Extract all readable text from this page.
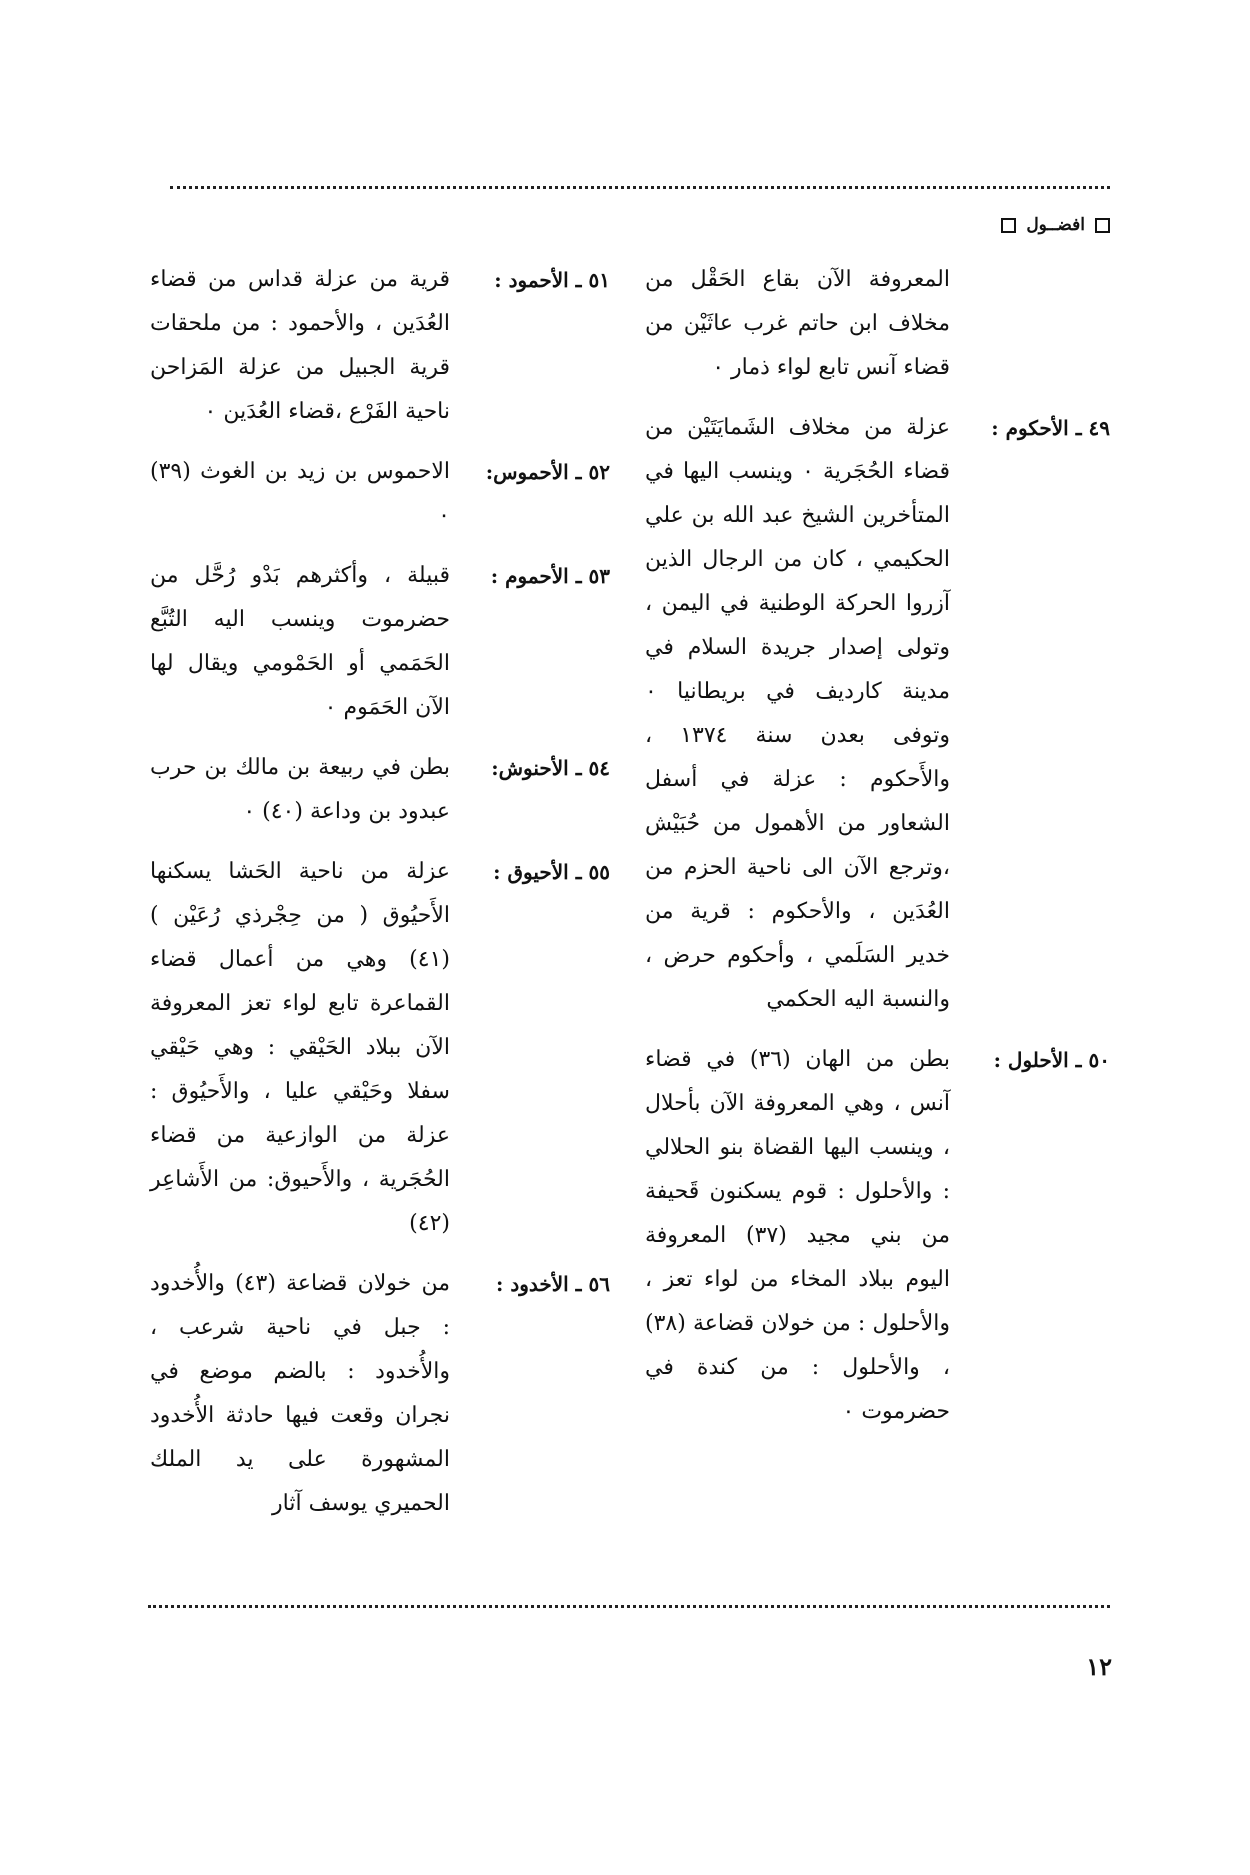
افضــول
المعروفة الآن بقاع الحَقْل من مخلاف ابن حاتم غرب عاثَيْن من قضاء آنس تابع لواء ذمار ٠
٤٩ ـ الأحكوم :
عزلة من مخلاف الشَمايَتَيْن من قضاء الحُجَرية ٠ وينسب اليها في المتأخرين الشيخ عبد الله بن علي الحكيمي ، كان من الرجال الذين آزروا الحركة الوطنية في اليمن ، وتولى إصدار جريدة السلام في مدينة كارديف في بريطانيا ٠ وتوفى بعدن سنة ١٣٧٤ ، والأَحكوم : عزلة في أسفل الشعاور من الأهمول من حُبَيْش ،وترجع الآن الى ناحية الحزم من العُدَين ، والأحكوم : قرية من خدير السَلَمي ، وأحكوم حرض ، والنسبة اليه الحكمي
٥٠ ـ الأحلول :
بطن من الهان (٣٦) في قضاء آنس ، وهي المعروفة الآن بأحلال ، وينسب اليها القضاة بنو الحلالي : والأحلول : قوم يسكنون قَحيفة من بني مجيد (٣٧) المعروفة اليوم ببلاد المخاء من لواء تعز ، والأحلول : من خولان قضاعة (٣٨) ، والأحلول : من كندة في حضرموت ٠
٥١ ـ الأحمود :
قرية من عزلة قداس من قضاء العُدَين ، والأحمود : من ملحقات قرية الجبيل من عزلة المَزاحن ناحية الفَرْع ،قضاء العُدَين ٠
٥٢ ـ الأحموس:
الاحموس بن زيد بن الغوث (٣٩) ٠
٥٣ ـ الأحموم :
قبيلة ، وأكثرهم بَدْو رُحَّل من حضرموت وينسب اليه التُبَّع الحَمَمي أو الحَمْومي ويقال لها الآن الحَمَوم ٠
٥٤ ـ الأحنوش:
بطن في ربيعة بن مالك بن حرب عبدود بن وداعة (٤٠) ٠
٥٥ ـ الأحيوق :
عزلة من ناحية الحَشا يسكنها الأَحيُوق ( من حِجْرذي رُعَيْن ) (٤١) وهي من أعمال قضاء القماعرة تابع لواء تعز المعروفة الآن ببلاد الحَيْقي : وهي حَيْقي سفلا وحَيْقي عليا ، والأَحيُوق : عزلة من الوازعية من قضاء الحُجَرية ، والأَحيوق: من الأَشاعِر (٤٢)
٥٦ ـ الأخدود :
من خولان قضاعة (٤٣) والأُخدود : جبل في ناحية شرعب ، والأُخدود : بالضم موضع في نجران وقعت فيها حادثة الأُخدود المشهورة على يد الملك الحميري يوسف آثار
١٢
